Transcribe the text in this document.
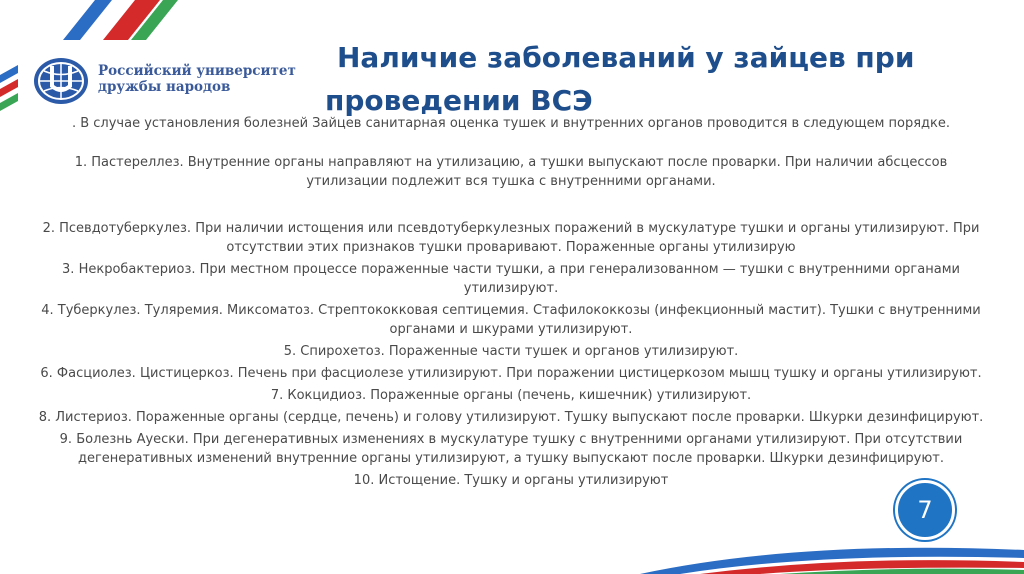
Российский университет
дружбы народов
Наличие заболеваний у зайцев при
проведении ВСЭ

. В случае установления болезней Зайцев санитарная оценка тушек и внутренних органов проводится в следующем порядке.

1. Пастереллез. Внутренние органы направляют на утилизацию, а тушки выпускают после проварки. При наличии абсцессов утилизации подлежит вся тушка с внутренними органами.

2. Псевдотуберкулез. При наличии истощения или псевдотуберкулезных поражений в мускулатуре тушки и органы утилизируют. При отсутствии этих признаков тушки проваривают. Пораженные органы утилизирую

3. Некробактериоз. При местном процессе пораженные части тушки, а при генерализованном — тушки с внутренними органами утилизируют.

4. Туберкулез. Туляремия. Миксоматоз. Стрептококковая септицемия. Стафилококкозы (инфекционный мастит). Тушки с внутренними органами и шкурами утилизируют.

5. Спирохетоз. Пораженные части тушек и органов утилизируют.

6. Фасциолез. Цистицеркоз. Печень при фасциолезе утилизируют. При поражении цистицеркозом мышц тушку и органы утилизируют.

7. Кокцидиоз. Пораженные органы (печень, кишечник) утилизируют.

8. Листериоз. Пораженные органы (сердце, печень) и голову утилизируют. Тушку выпускают после проварки. Шкурки дезинфицируют.

9. Болезнь Ауески. При дегенеративных изменениях в мускулатуре тушку с внутренними органами утилизируют. При отсутствии дегенеративных изменений внутренние органы утилизируют, а тушку выпускают после проварки. Шкурки дезинфицируют.

10. Истощение. Тушку и органы утилизируют

7
